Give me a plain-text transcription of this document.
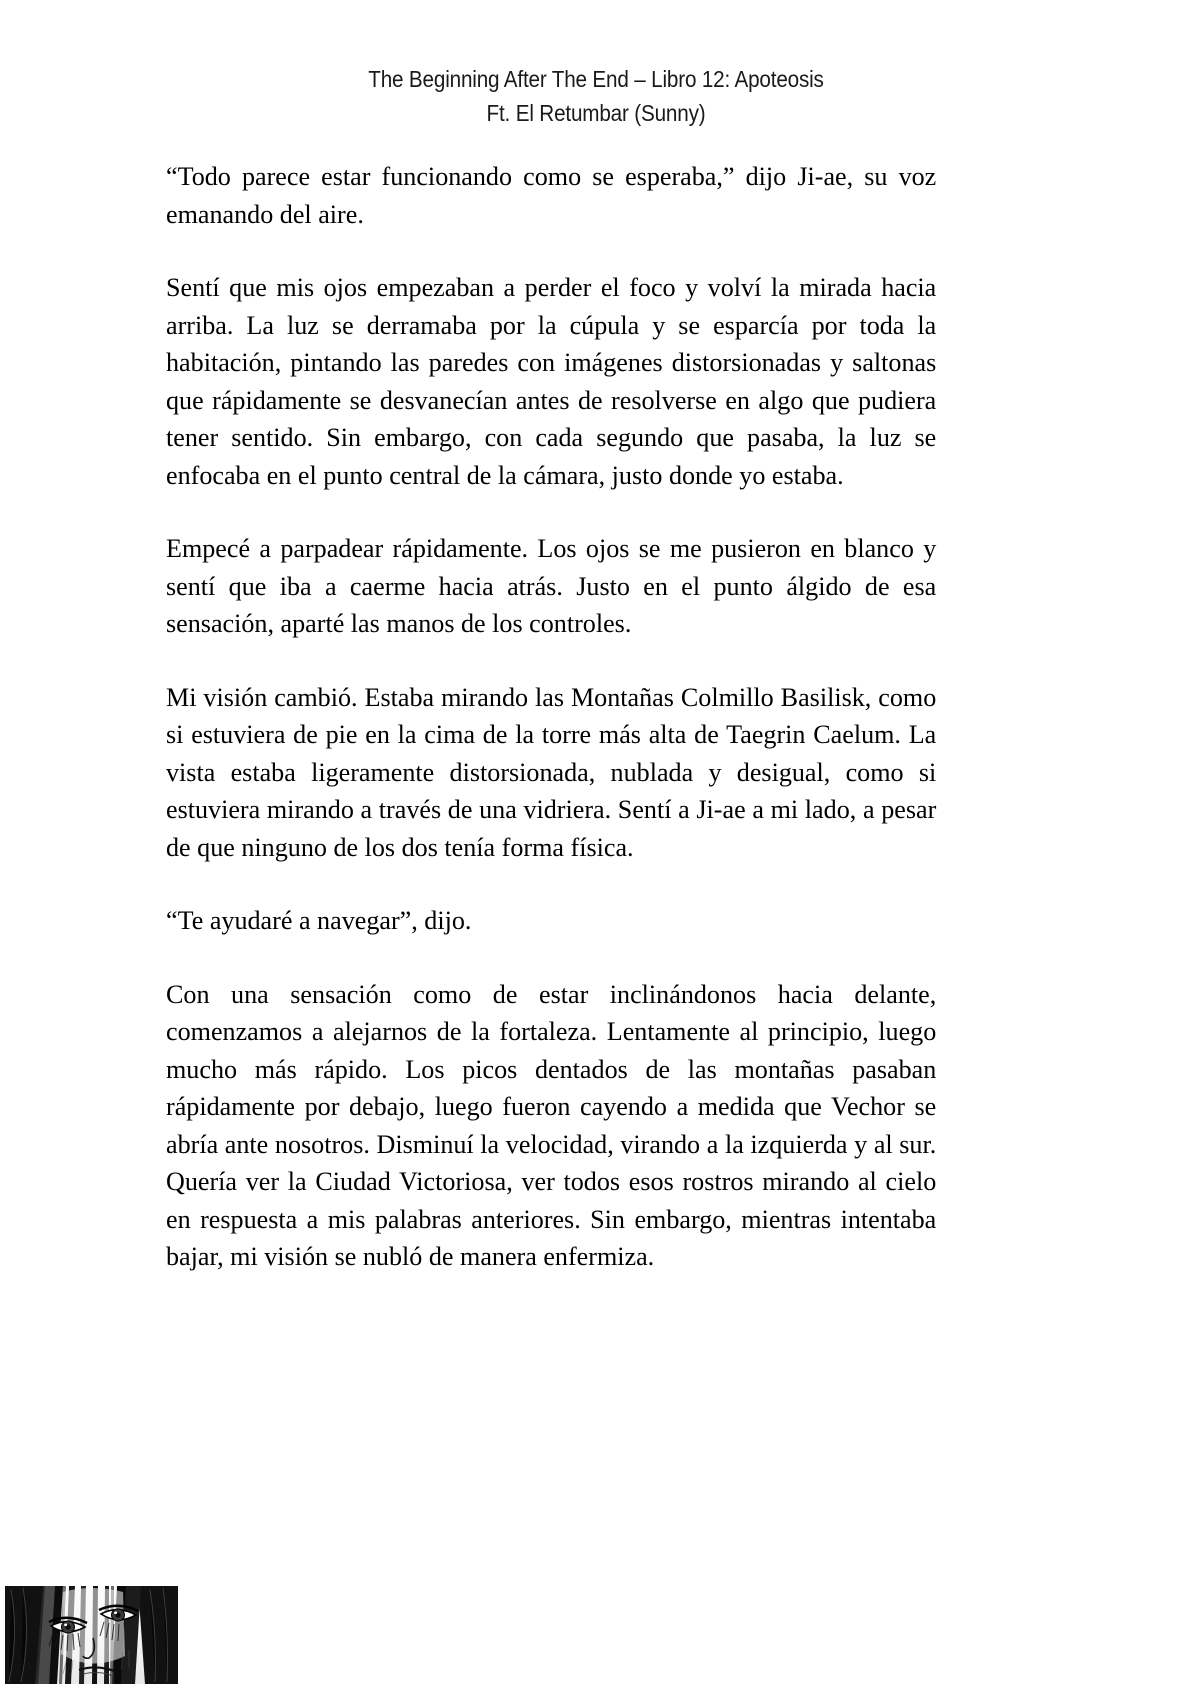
The Beginning After The End – Libro 12: Apoteosis
Ft. El Retumbar (Sunny)

“Todo parece estar funcionando como se esperaba,” dijo Ji-ae, su voz emanando del aire.

Sentí que mis ojos empezaban a perder el foco y volví la mirada hacia arriba. La luz se derramaba por la cúpula y se esparcía por toda la habitación, pintando las paredes con imágenes distorsionadas y saltonas que rápidamente se desvanecían antes de resolverse en algo que pudiera tener sentido. Sin embargo, con cada segundo que pasaba, la luz se enfocaba en el punto central de la cámara, justo donde yo estaba.

Empecé a parpadear rápidamente. Los ojos se me pusieron en blanco y sentí que iba a caerme hacia atrás. Justo en el punto álgido de esa sensación, aparté las manos de los controles.

Mi visión cambió. Estaba mirando las Montañas Colmillo Basilisk, como si estuviera de pie en la cima de la torre más alta de Taegrin Caelum. La vista estaba ligeramente distorsionada, nublada y desigual, como si estuviera mirando a través de una vidriera. Sentí a Ji-ae a mi lado, a pesar de que ninguno de los dos tenía forma física.

“Te ayudaré a navegar”, dijo.

Con una sensación como de estar inclinándonos hacia delante, comenzamos a alejarnos de la fortaleza. Lentamente al principio, luego mucho más rápido. Los picos dentados de las montañas pasaban rápidamente por debajo, luego fueron cayendo a medida que Vechor se abría ante nosotros. Disminuí la velocidad, virando a la izquierda y al sur. Quería ver la Ciudad Victoriosa, ver todos esos rostros mirando al cielo en respuesta a mis palabras anteriores. Sin embargo, mientras intentaba bajar, mi visión se nubló de manera enfermiza.
